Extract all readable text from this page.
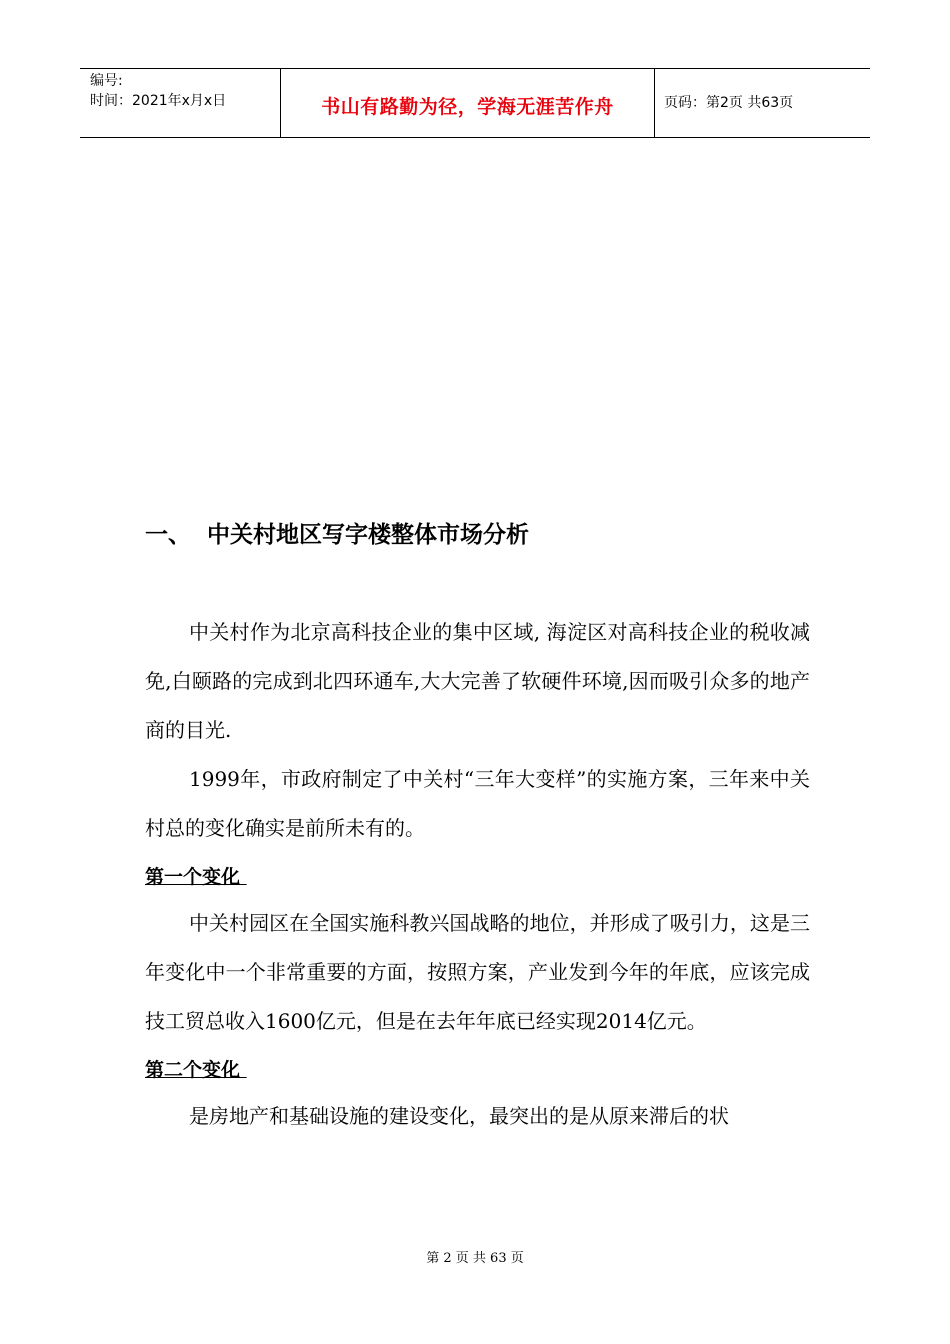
编号:
时间：2021年x月x日	书山有路勤为径，学海无涯苦作舟	页码：第2页 共63页
一、 中关村地区写字楼整体市场分析

中关村作为北京高科技企业的集中区域, 海淀区对高科技企业的税收减免,白颐路的完成到北四环通车,大大完善了软硬件环境,因而吸引众多的地产商的目光.

1999年，市政府制定了中关村“三年大变样”的实施方案，三年来中关村总的变化确实是前所未有的。

第一个变化

中关村园区在全国实施科教兴国战略的地位，并形成了吸引力，这是三年变化中一个非常重要的方面，按照方案，产业发到今年的年底，应该完成技工贸总收入1600亿元，但是在去年年底已经实现2014亿元。

第二个变化

是房地产和基础设施的建设变化，最突出的是从原来滞后的状

第 2 页 共 63 页
